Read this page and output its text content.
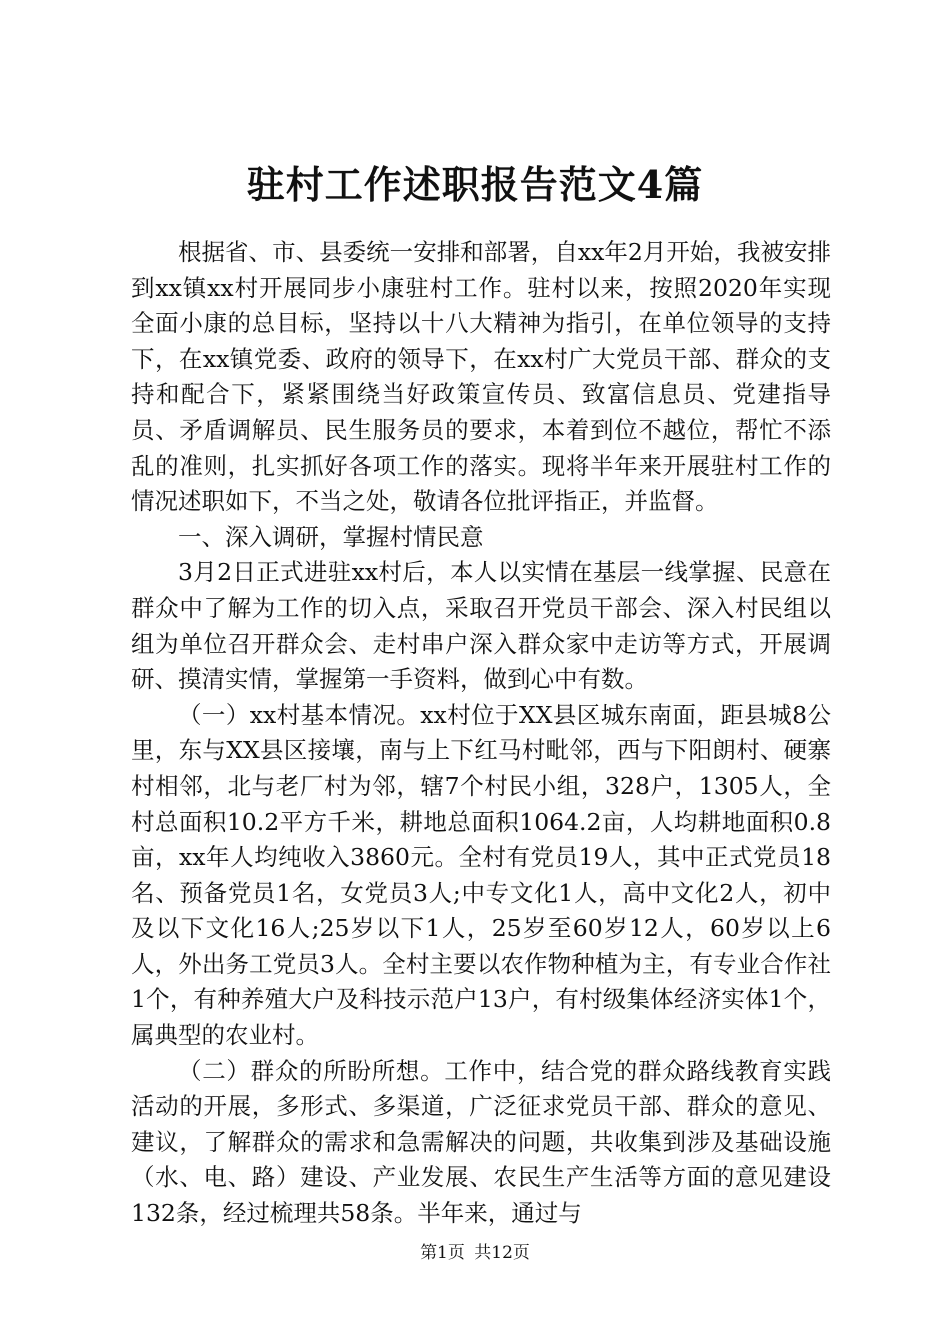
驻村工作述职报告范文4篇

根据省、市、县委统一安排和部署，自xx年2月开始，我被安排到xx镇xx村开展同步小康驻村工作。驻村以来，按照2020年实现全面小康的总目标，坚持以十八大精神为指引，在单位领导的支持下，在xx镇党委、政府的领导下，在xx村广大党员干部、群众的支持和配合下，紧紧围绕当好政策宣传员、致富信息员、党建指导员、矛盾调解员、民生服务员的要求，本着到位不越位，帮忙不添乱的准则，扎实抓好各项工作的落实。现将半年来开展驻村工作的情况述职如下，不当之处，敬请各位批评指正，并监督。

一、深入调研，掌握村情民意

3月2日正式进驻xx村后，本人以实情在基层一线掌握、民意在群众中了解为工作的切入点，采取召开党员干部会、深入村民组以组为单位召开群众会、走村串户深入群众家中走访等方式，开展调研、摸清实情，掌握第一手资料，做到心中有数。

（一）xx村基本情况。xx村位于XX县区城东南面，距县城8公里，东与XX县区接壤，南与上下红马村毗邻，西与下阳朗村、硬寨村相邻，北与老厂村为邻，辖7个村民小组，328户，1305人，全村总面积10.2平方千米，耕地总面积1064.2亩，人均耕地面积0.8亩，xx年人均纯收入3860元。全村有党员19人，其中正式党员18名、预备党员1名，女党员3人;中专文化1人，高中文化2人，初中及以下文化16人;25岁以下1人，25岁至60岁12人，60岁以上6人，外出务工党员3人。全村主要以农作物种植为主，有专业合作社1个，有种养殖大户及科技示范户13户，有村级集体经济实体1个，属典型的农业村。

（二）群众的所盼所想。工作中，结合党的群众路线教育实践活动的开展，多形式、多渠道，广泛征求党员干部、群众的意见、建议，了解群众的需求和急需解决的问题，共收集到涉及基础设施（水、电、路）建设、产业发展、农民生产生活等方面的意见建设132条，经过梳理共58条。半年来，通过与

第1页 共12页
